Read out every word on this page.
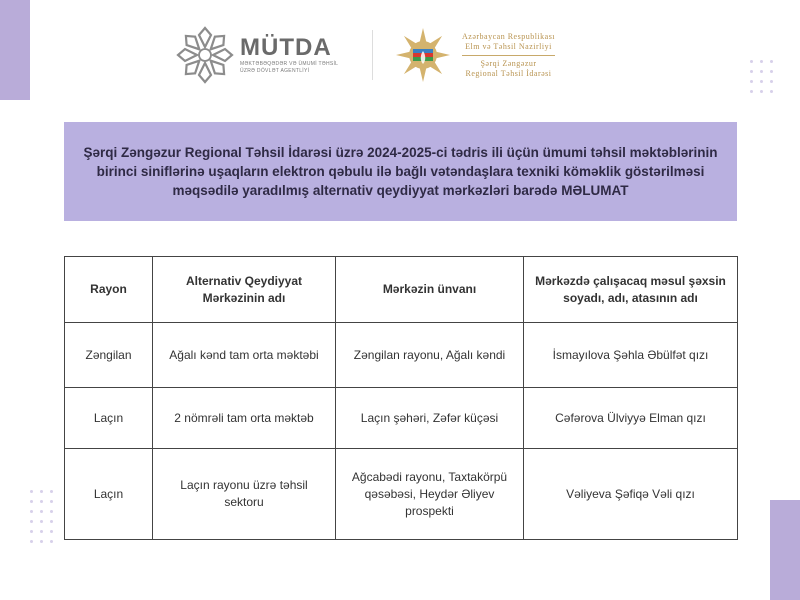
MÜTDA
MƏKTƏBƏQƏDƏR VƏ ÜMUMİ TƏHSİL
ÜZRƏ DÖVLƏT AGENTLİYİ
Azərbaycan Respublikası
Elm və Təhsil Nazirliyi
Şərqi Zəngəzur
Regional Təhsil İdarəsi
Şərqi Zəngəzur Regional Təhsil İdarəsi üzrə 2024-2025-ci tədris ili üçün ümumi təhsil məktəblərinin birinci siniflərinə uşaqların elektron qəbulu ilə bağlı vətəndaşlara texniki köməklik göstərilməsi məqsədilə yaradılmış alternativ qeydiyyat mərkəzləri barədə MƏLUMAT
Rayon	Alternativ Qeydiyyat Mərkəzinin adı	Mərkəzin ünvanı	Mərkəzdə çalışacaq məsul şəxsin soyadı, adı, atasının adı
Zəngilan	Ağalı kənd tam orta məktəbi	Zəngilan rayonu, Ağalı kəndi	İsmayılova Şəhla Əbülfət qızı
Laçın	2 nömrəli tam orta məktəb	Laçın şəhəri, Zəfər küçəsi	Cəfərova Ülviyyə Elman qızı
Laçın	Laçın rayonu üzrə təhsil sektoru	Ağcabədi rayonu, Taxtakörpü qəsəbəsi, Heydər Əliyev prospekti	Vəliyeva Şəfiqə Vəli qızı
